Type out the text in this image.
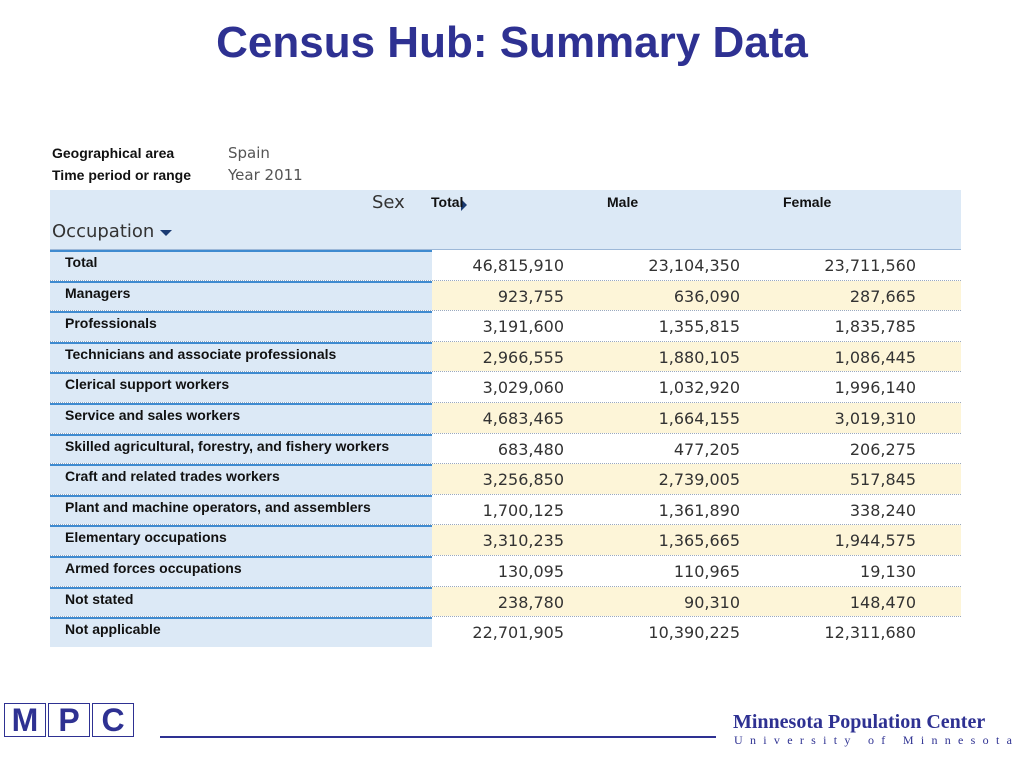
Census Hub: Summary Data
Geographical area	Spain
Time period or range Year 2011
Sex Total	Male	Female
Occupation
Total	46,815,910	23,104,350	23,711,560
Managers	923,755	636,090	287,665
Professionals	3,191,600	1,355,815	1,835,785
Technicians and associate professionals	2,966,555	1,880,105	1,086,445
Clerical support workers	3,029,060	1,032,920	1,996,140
Service and sales workers	4,683,465	1,664,155	3,019,310
Skilled agricultural, forestry, and fishery workers	683,480	477,205	206,275
Craft and related trades workers	3,256,850	2,739,005	517,845
Plant and machine operators, and assemblers	1,700,125	1,361,890	338,240
Elementary occupations	3,310,235	1,365,665	1,944,575
Armed forces occupations	130,095	110,965	19,130
Not stated	238,780	90,310	148,470
Not applicable	22,701,905	10,390,225	12,311,680
M P C	Minnesota Population Center
University of Minnesota
